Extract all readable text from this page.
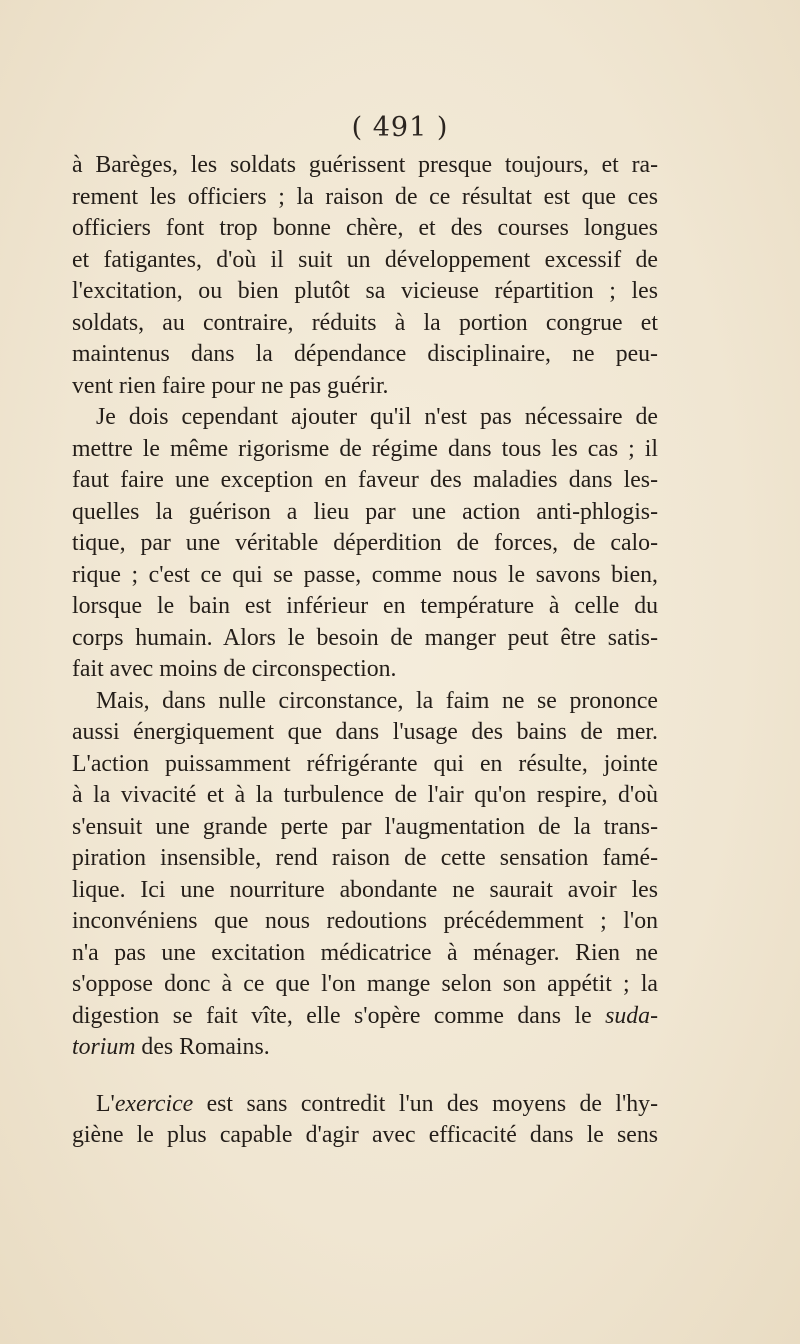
( 491 )
à Barèges, les soldats guérissent presque toujours, et ra-
rement les officiers ; la raison de ce résultat est que ces
officiers font trop bonne chère, et des courses longues
et fatigantes, d'où il suit un développement excessif de
l'excitation, ou bien plutôt sa vicieuse répartition ; les
soldats, au contraire, réduits à la portion congrue et
maintenus dans la dépendance disciplinaire, ne peu-
vent rien faire pour ne pas guérir.
Je dois cependant ajouter qu'il n'est pas nécessaire de
mettre le même rigorisme de régime dans tous les cas ; il
faut faire une exception en faveur des maladies dans les-
quelles la guérison a lieu par une action anti-phlogis-
tique, par une véritable déperdition de forces, de calo-
rique ; c'est ce qui se passe, comme nous le savons bien,
lorsque le bain est inférieur en température à celle du
corps humain. Alors le besoin de manger peut être satis-
fait avec moins de circonspection.
Mais, dans nulle circonstance, la faim ne se prononce
aussi énergiquement que dans l'usage des bains de mer.
L'action puissamment réfrigérante qui en résulte, jointe
à la vivacité et à la turbulence de l'air qu'on respire, d'où
s'ensuit une grande perte par l'augmentation de la trans-
piration insensible, rend raison de cette sensation famé-
lique. Ici une nourriture abondante ne saurait avoir les
inconvéniens que nous redoutions précédemment ; l'on
n'a pas une excitation médicatrice à ménager. Rien ne
s'oppose donc à ce que l'on mange selon son appétit ; la
digestion se fait vîte, elle s'opère comme dans le suda-
torium des Romains.
L'exercice est sans contredit l'un des moyens de l'hy-
giène le plus capable d'agir avec efficacité dans le sens
